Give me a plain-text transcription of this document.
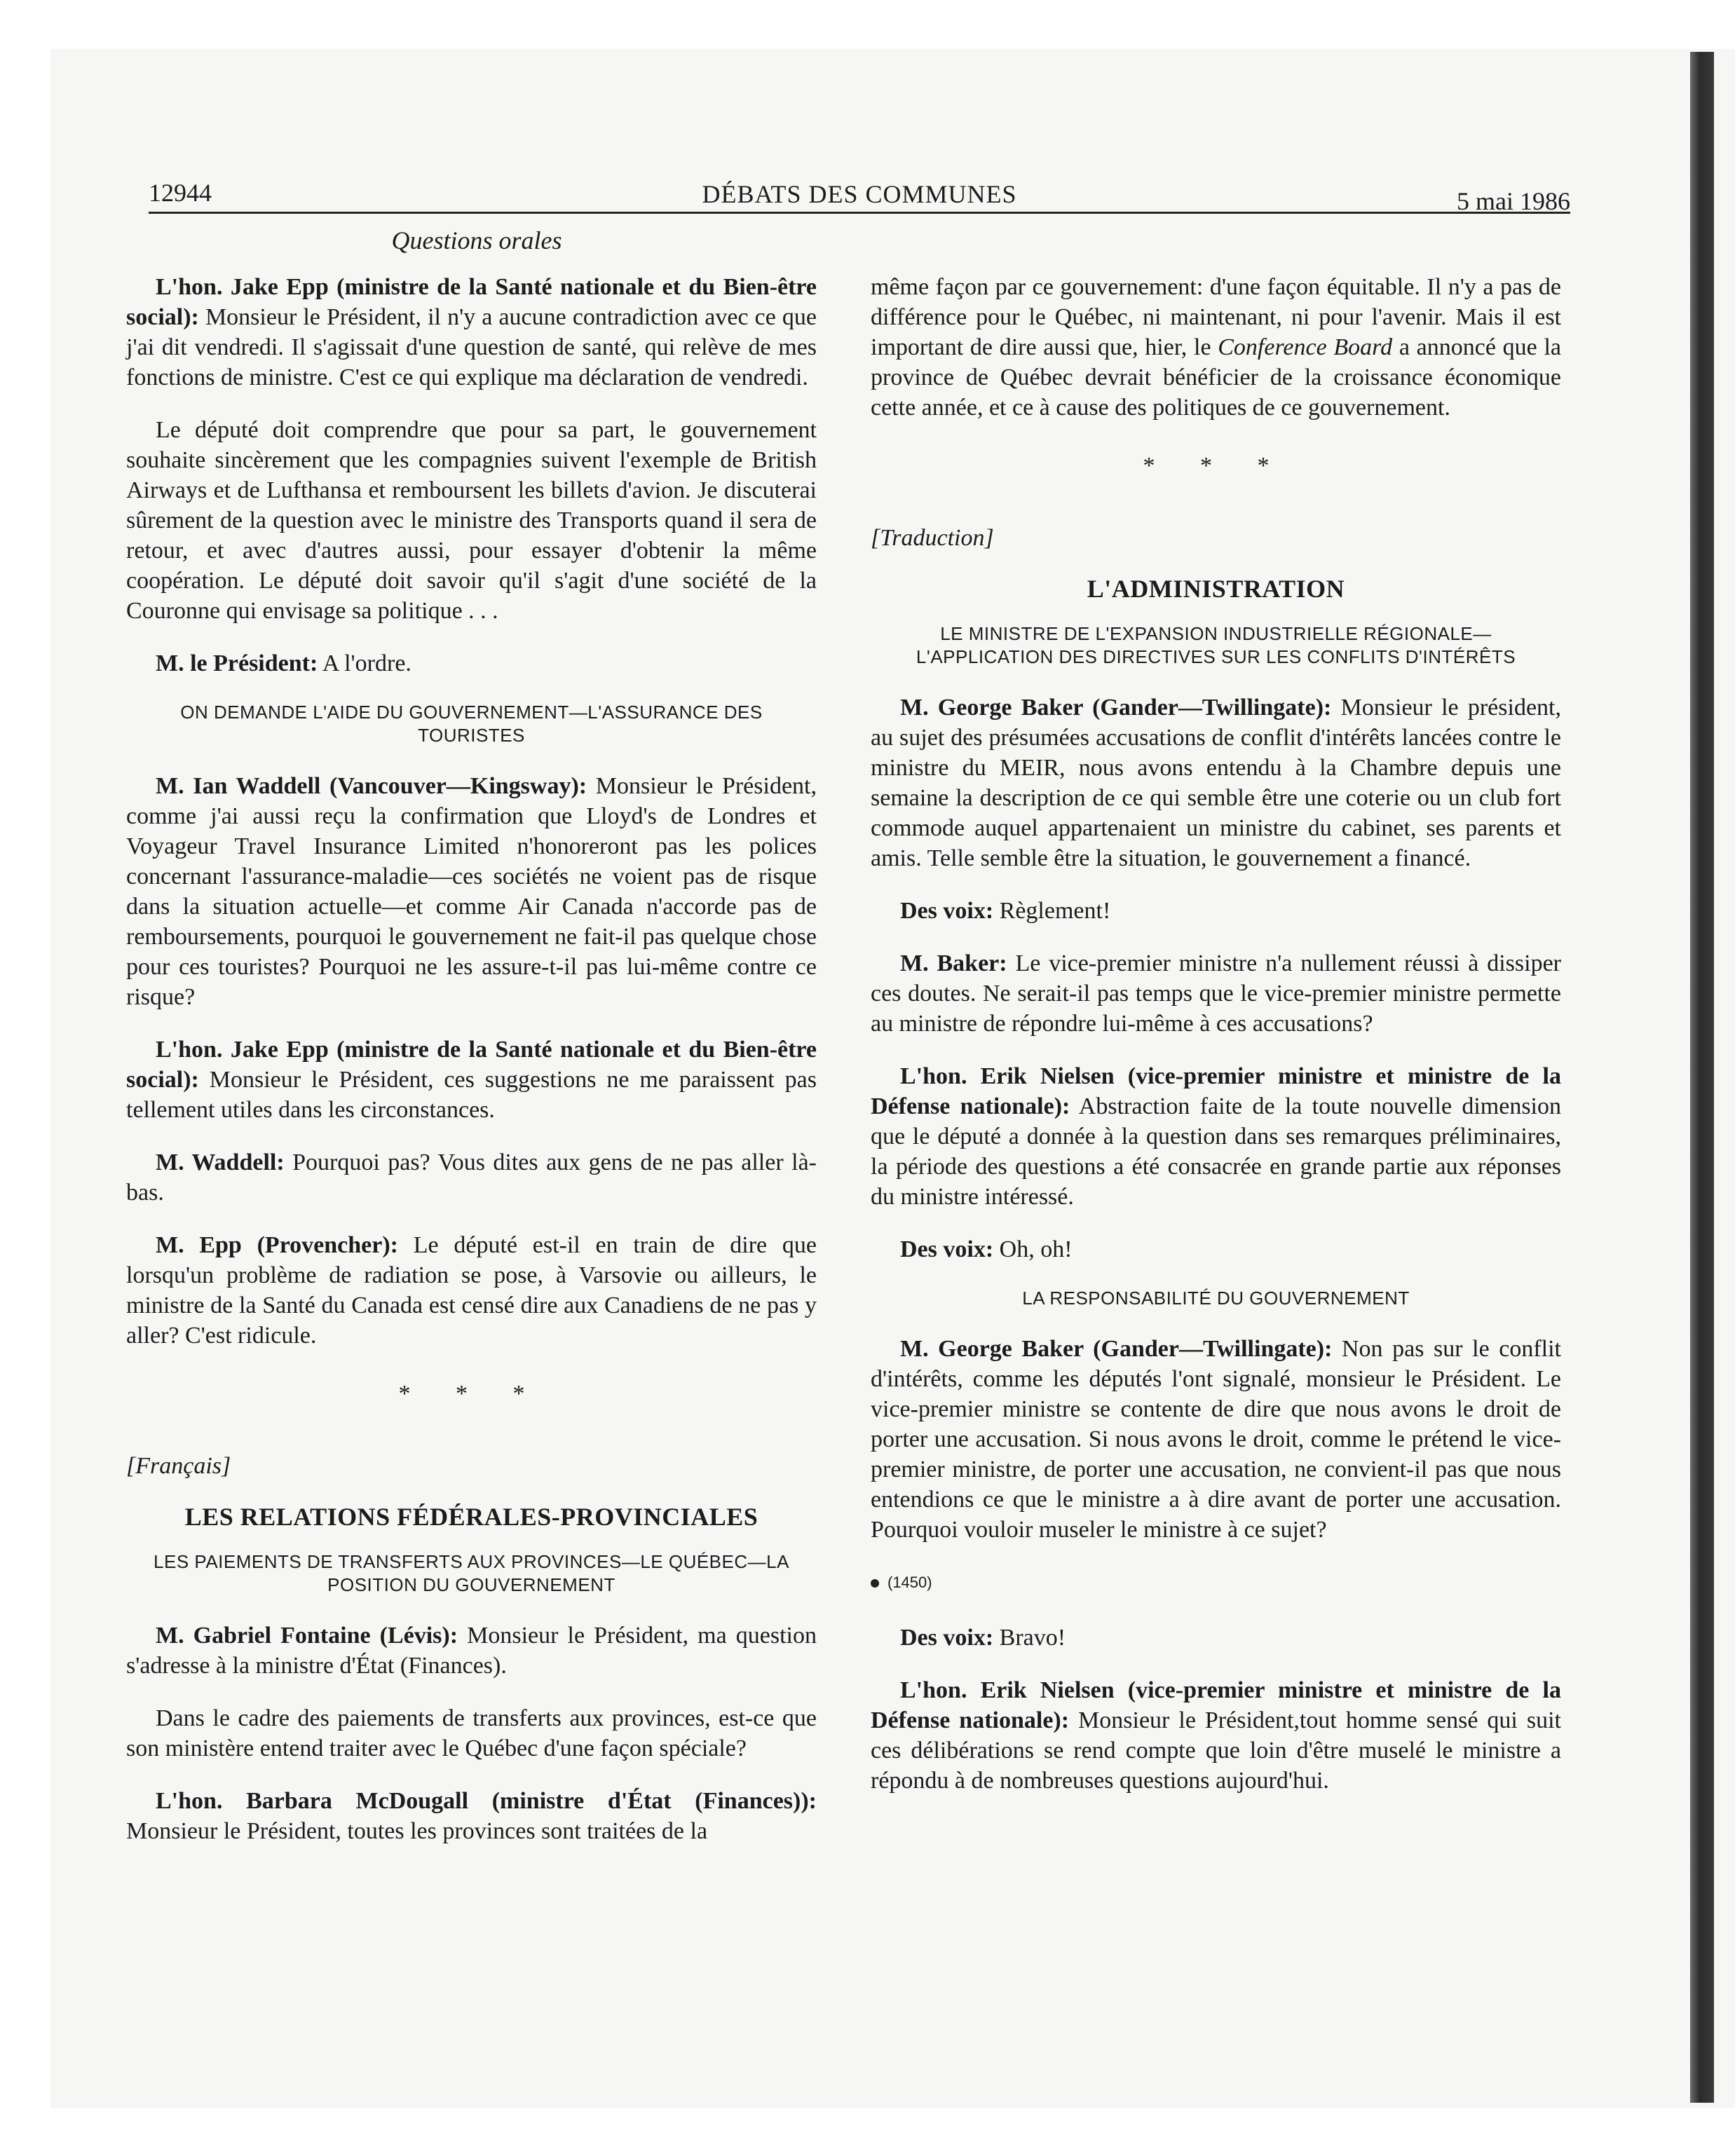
12944	DÉBATS DES COMMUNES	5 mai 1986
Questions orales

L'hon. Jake Epp (ministre de la Santé nationale et du Bien-être social): Monsieur le Président, il n'y a aucune contradiction avec ce que j'ai dit vendredi. Il s'agissait d'une question de santé, qui relève de mes fonctions de ministre. C'est ce qui explique ma déclaration de vendredi.

Le député doit comprendre que pour sa part, le gouvernement souhaite sincèrement que les compagnies suivent l'exemple de British Airways et de Lufthansa et remboursent les billets d'avion. Je discuterai sûrement de la question avec le ministre des Transports quand il sera de retour, et avec d'autres aussi, pour essayer d'obtenir la même coopération. Le député doit savoir qu'il s'agit d'une société de la Couronne qui envisage sa politique . . .

M. le Président: A l'ordre.

ON DEMANDE L'AIDE DU GOUVERNEMENT—L'ASSURANCE DES TOURISTES

M. Ian Waddell (Vancouver—Kingsway): Monsieur le Président, comme j'ai aussi reçu la confirmation que Lloyd's de Londres et Voyageur Travel Insurance Limited n'honoreront pas les polices concernant l'assurance-maladie—ces sociétés ne voient pas de risque dans la situation actuelle—et comme Air Canada n'accorde pas de remboursements, pourquoi le gouvernement ne fait-il pas quelque chose pour ces touristes? Pourquoi ne les assure-t-il pas lui-même contre ce risque?

L'hon. Jake Epp (ministre de la Santé nationale et du Bien-être social): Monsieur le Président, ces suggestions ne me paraissent pas tellement utiles dans les circonstances.

M. Waddell: Pourquoi pas? Vous dites aux gens de ne pas aller là-bas.

M. Epp (Provencher): Le député est-il en train de dire que lorsqu'un problème de radiation se pose, à Varsovie ou ailleurs, le ministre de la Santé du Canada est censé dire aux Canadiens de ne pas y aller? C'est ridicule.

* * *
[Français]
LES RELATIONS FÉDÉRALES-PROVINCIALES
LES PAIEMENTS DE TRANSFERTS AUX PROVINCES—LE QUÉBEC—LA POSITION DU GOUVERNEMENT

M. Gabriel Fontaine (Lévis): Monsieur le Président, ma question s'adresse à la ministre d'État (Finances).

Dans le cadre des paiements de transferts aux provinces, est-ce que son ministère entend traiter avec le Québec d'une façon spéciale?

L'hon. Barbara McDougall (ministre d'État (Finances)): Monsieur le Président, toutes les provinces sont traitées de la

même façon par ce gouvernement: d'une façon équitable. Il n'y a pas de différence pour le Québec, ni maintenant, ni pour l'avenir. Mais il est important de dire aussi que, hier, le Conference Board a annoncé que la province de Québec devrait bénéficier de la croissance économique cette année, et ce à cause des politiques de ce gouvernement.

* * *
[Traduction]
L'ADMINISTRATION
LE MINISTRE DE L'EXPANSION INDUSTRIELLE RÉGIONALE—L'APPLICATION DES DIRECTIVES SUR LES CONFLITS D'INTÉRÊTS

M. George Baker (Gander—Twillingate): Monsieur le président, au sujet des présumées accusations de conflit d'intérêts lancées contre le ministre du MEIR, nous avons entendu à la Chambre depuis une semaine la description de ce qui semble être une coterie ou un club fort commode auquel appartenaient un ministre du cabinet, ses parents et amis. Telle semble être la situation, le gouvernement a financé.

Des voix: Règlement!

M. Baker: Le vice-premier ministre n'a nullement réussi à dissiper ces doutes. Ne serait-il pas temps que le vice-premier ministre permette au ministre de répondre lui-même à ces accusations?

L'hon. Erik Nielsen (vice-premier ministre et ministre de la Défense nationale): Abstraction faite de la toute nouvelle dimension que le député a donnée à la question dans ses remarques préliminaires, la période des questions a été consacrée en grande partie aux réponses du ministre intéressé.

Des voix: Oh, oh!

LA RESPONSABILITÉ DU GOUVERNEMENT

M. George Baker (Gander—Twillingate): Non pas sur le conflit d'intérêts, comme les députés l'ont signalé, monsieur le Président. Le vice-premier ministre se contente de dire que nous avons le droit de porter une accusation. Si nous avons le droit, comme le prétend le vice-premier ministre, de porter une accusation, ne convient-il pas que nous entendions ce que le ministre a à dire avant de porter une accusation. Pourquoi vouloir museler le ministre à ce sujet?

(1450)

Des voix: Bravo!

L'hon. Erik Nielsen (vice-premier ministre et ministre de la Défense nationale): Monsieur le Président,tout homme sensé qui suit ces délibérations se rend compte que loin d'être muselé le ministre a répondu à de nombreuses questions aujourd'hui.
